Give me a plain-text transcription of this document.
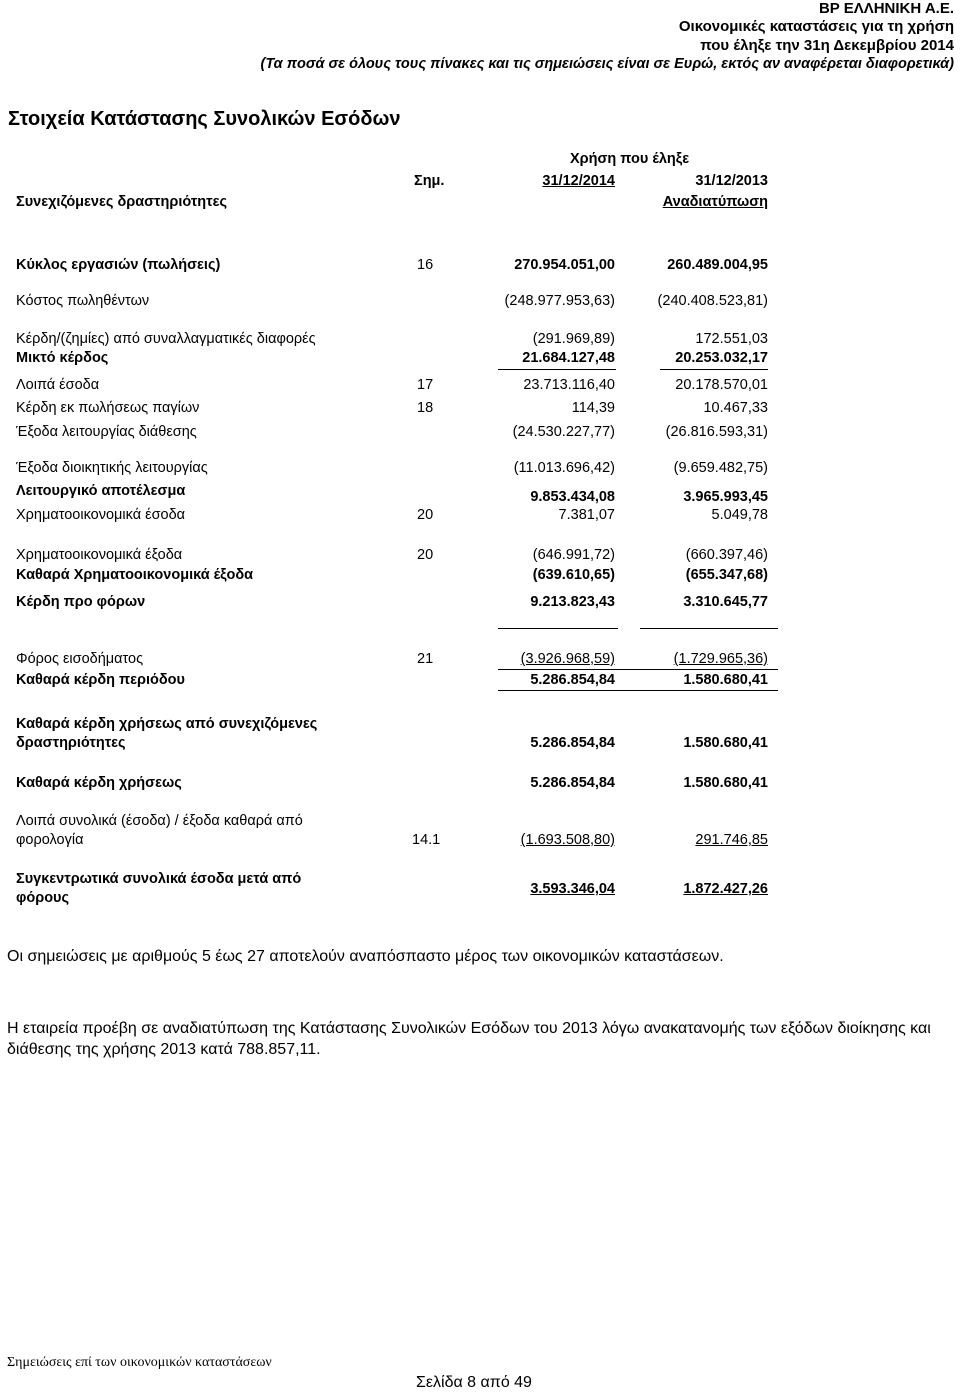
BP ΕΛΛΗΝΙΚΗ Α.Ε.
Οικονομικές καταστάσεις για τη χρήση
που έληξε την 31η Δεκεμβρίου 2014
(Τα ποσά σε όλους τους πίνακες και τις σημειώσεις είναι σε Ευρώ, εκτός αν αναφέρεται διαφορετικά)
Στοιχεία Κατάστασης Συνολικών Εσόδων
Χρήση που έληξε
Σημ.	31/12/2014	31/12/2013
Αναδιατύπωση
Συνεχιζόμενες δραστηριότητες
Κύκλος εργασιών (πωλήσεις)	16	270.954.051,00	260.489.004,95
Κόστος πωληθέντων	(248.977.953,63)	(240.408.523,81)
Κέρδη/(ζημίες) από συναλλαγματικές διαφορές	(291.969,89)	172.551,03
Μικτό κέρδος	21.684.127,48	20.253.032,17
Λοιπά έσοδα	17	23.713.116,40	20.178.570,01
Κέρδη εκ πωλήσεως παγίων	18	114,39	10.467,33
Έξοδα λειτουργίας διάθεσης	(24.530.227,77)	(26.816.593,31)
Έξοδα διοικητικής λειτουργίας	(11.013.696,42)	(9.659.482,75)
Λειτουργικό αποτέλεσμα	9.853.434,08	3.965.993,45
Χρηματοοικονομικά έσοδα	20	7.381,07	5.049,78
Χρηματοοικονομικά έξοδα	20	(646.991,72)	(660.397,46)
Καθαρά Χρηματοοικονομικά έξοδα	(639.610,65)	(655.347,68)
Κέρδη προ φόρων	9.213.823,43	3.310.645,77
Φόρος εισοδήματος	21	(3.926.968,59)	(1.729.965,36)
Καθαρά κέρδη περιόδου	5.286.854,84	1.580.680,41
Καθαρά κέρδη χρήσεως από συνεχιζόμενες
δραστηριότητες	5.286.854,84	1.580.680,41
Καθαρά κέρδη χρήσεως	5.286.854,84	1.580.680,41
Λοιπά συνολικά (έσοδα) / έξοδα καθαρά από
φορολογία	14.1	(1.693.508,80)	291.746,85
Συγκεντρωτικά συνολικά έσοδα μετά από
φόρους
3.593.346,04	1.872.427,26
Οι σημειώσεις με αριθμούς 5 έως 27 αποτελούν αναπόσπαστο μέρος των οικονομικών καταστάσεων.
Η εταιρεία προέβη σε αναδιατύπωση της Κατάστασης Συνολικών Εσόδων του 2013 λόγω ανακατανομής των εξόδων διοίκησης και διάθεσης της χρήσης 2013 κατά 788.857,11.
Σημειώσεις επί των οικονομικών καταστάσεων
Σελίδα 8 από 49
